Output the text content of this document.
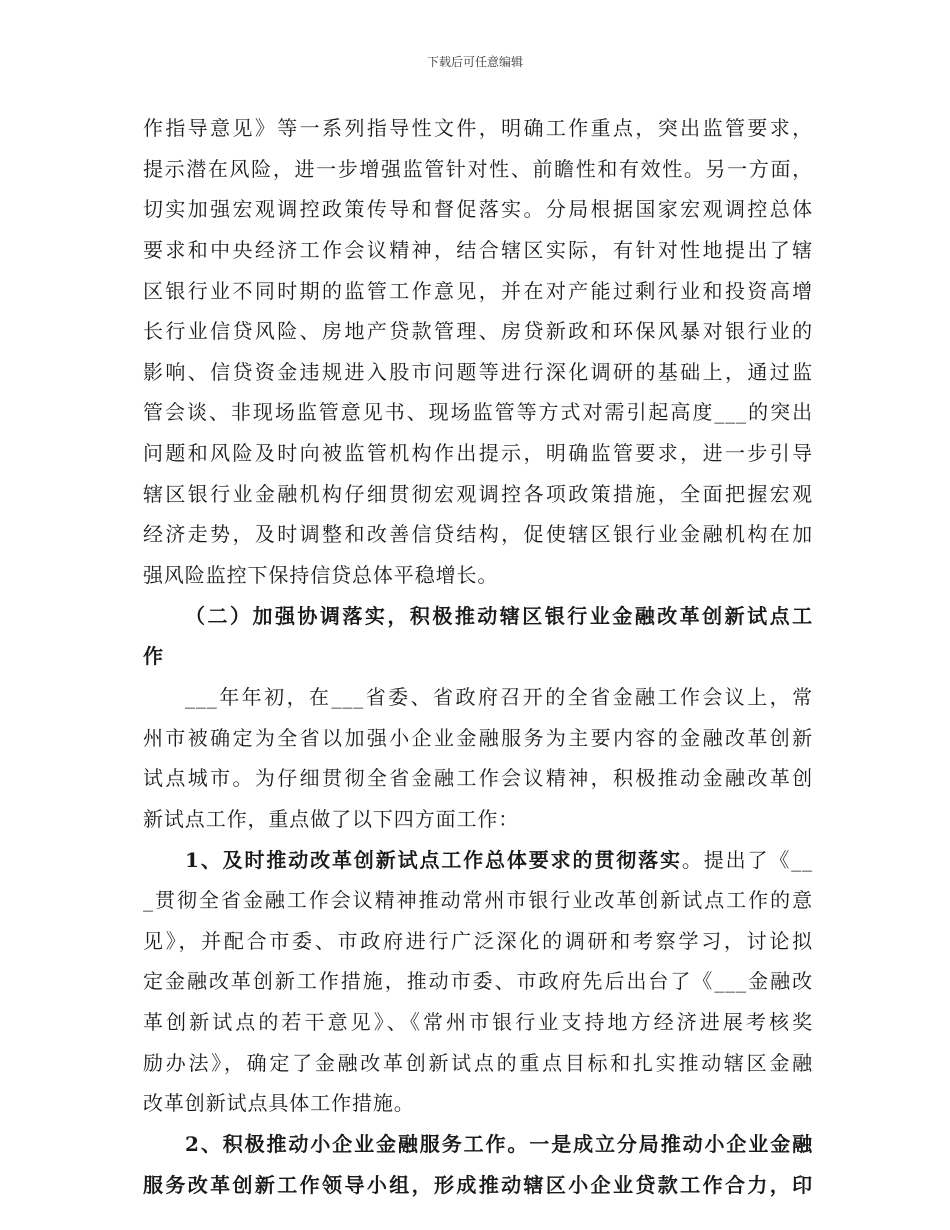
下载后可任意编辑
作指导意见》等一系列指导性文件，明确工作重点，突出监管要求，
提示潜在风险，进一步增强监管针对性、前瞻性和有效性。另一方面，
切实加强宏观调控政策传导和督促落实。分局根据国家宏观调控总体
要求和中央经济工作会议精神，结合辖区实际，有针对性地提出了辖
区银行业不同时期的监管工作意见，并在对产能过剩行业和投资高增
长行业信贷风险、房地产贷款管理、房贷新政和环保风暴对银行业的
影响、信贷资金违规进入股市问题等进行深化调研的基础上，通过监
管会谈、非现场监管意见书、现场监管等方式对需引起高度___的突出
问题和风险及时向被监管机构作出提示，明确监管要求，进一步引导
辖区银行业金融机构仔细贯彻宏观调控各项政策措施，全面把握宏观
经济走势，及时调整和改善信贷结构，促使辖区银行业金融机构在加
强风险监控下保持信贷总体平稳增长。
（二）加强协调落实，积极推动辖区银行业金融改革创新试点工
作
___年年初，在___省委、省政府召开的全省金融工作会议上，常
州市被确定为全省以加强小企业金融服务为主要内容的金融改革创新
试点城市。为仔细贯彻全省金融工作会议精神，积极推动金融改革创
新试点工作，重点做了以下四方面工作：
1、及时推动改革创新试点工作总体要求的贯彻落实。提出了《__
_贯彻全省金融工作会议精神推动常州市银行业改革创新试点工作的意
见》，并配合市委、市政府进行广泛深化的调研和考察学习，讨论拟
定金融改革创新工作措施，推动市委、市政府先后出台了《___金融改
革创新试点的若干意见》、《常州市银行业支持地方经济进展考核奖
励办法》，确定了金融改革创新试点的重点目标和扎实推动辖区金融
改革创新试点具体工作措施。
2、积极推动小企业金融服务工作。一是成立分局推动小企业金融
服务改革创新工作领导小组，形成推动辖区小企业贷款工作合力，印
